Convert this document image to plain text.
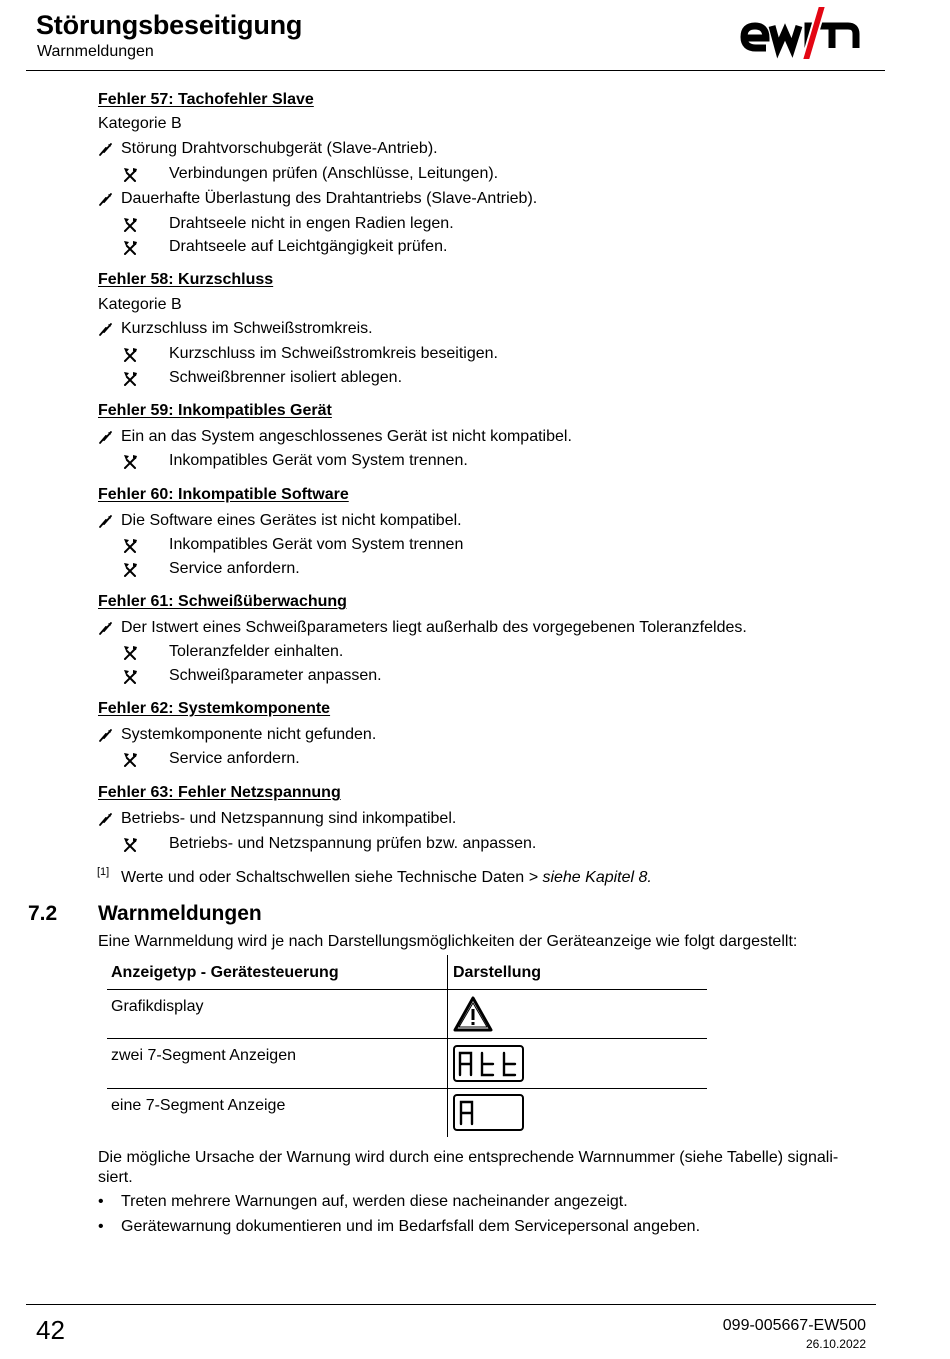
Störungsbeseitigung
Warnmeldungen
Fehler 57: Tachofehler Slave
Kategorie B
Störung Drahtvorschubgerät (Slave-Antrieb).
Verbindungen prüfen (Anschlüsse, Leitungen).
Dauerhafte Überlastung des Drahtantriebs (Slave-Antrieb).
Drahtseele nicht in engen Radien legen.
Drahtseele auf Leichtgängigkeit prüfen.
Fehler 58: Kurzschluss
Kategorie B
Kurzschluss im Schweißstromkreis.
Kurzschluss im Schweißstromkreis beseitigen.
Schweißbrenner isoliert ablegen.
Fehler 59: Inkompatibles Gerät
Ein an das System angeschlossenes Gerät ist nicht kompatibel.
Inkompatibles Gerät vom System trennen.
Fehler 60: Inkompatible Software
Die Software eines Gerätes ist nicht kompatibel.
Inkompatibles Gerät vom System trennen
Service anfordern.
Fehler 61: Schweißüberwachung
Der Istwert eines Schweißparameters liegt außerhalb des vorgegebenen Toleranzfeldes.
Toleranzfelder einhalten.
Schweißparameter anpassen.
Fehler 62: Systemkomponente
Systemkomponente nicht gefunden.
Service anfordern.
Fehler 63: Fehler Netzspannung
Betriebs- und Netzspannung sind inkompatibel.
Betriebs- und Netzspannung prüfen bzw. anpassen.
[1] Werte und oder Schaltschwellen siehe Technische Daten > siehe Kapitel 8.
7.2 Warnmeldungen
Eine Warnmeldung wird je nach Darstellungsmöglichkeiten der Geräteanzeige wie folgt dargestellt:
Anzeigetyp - Gerätesteuerung	Darstellung
Grafikdisplay
zwei 7-Segment Anzeigen
eine 7-Segment Anzeige
Die mögliche Ursache der Warnung wird durch eine entsprechende Warnnummer (siehe Tabelle) signali-
siert.
• Treten mehrere Warnungen auf, werden diese nacheinander angezeigt.
• Gerätewarnung dokumentieren und im Bedarfsfall dem Servicepersonal angeben.
42	099-005667-EW500
26.10.2022
